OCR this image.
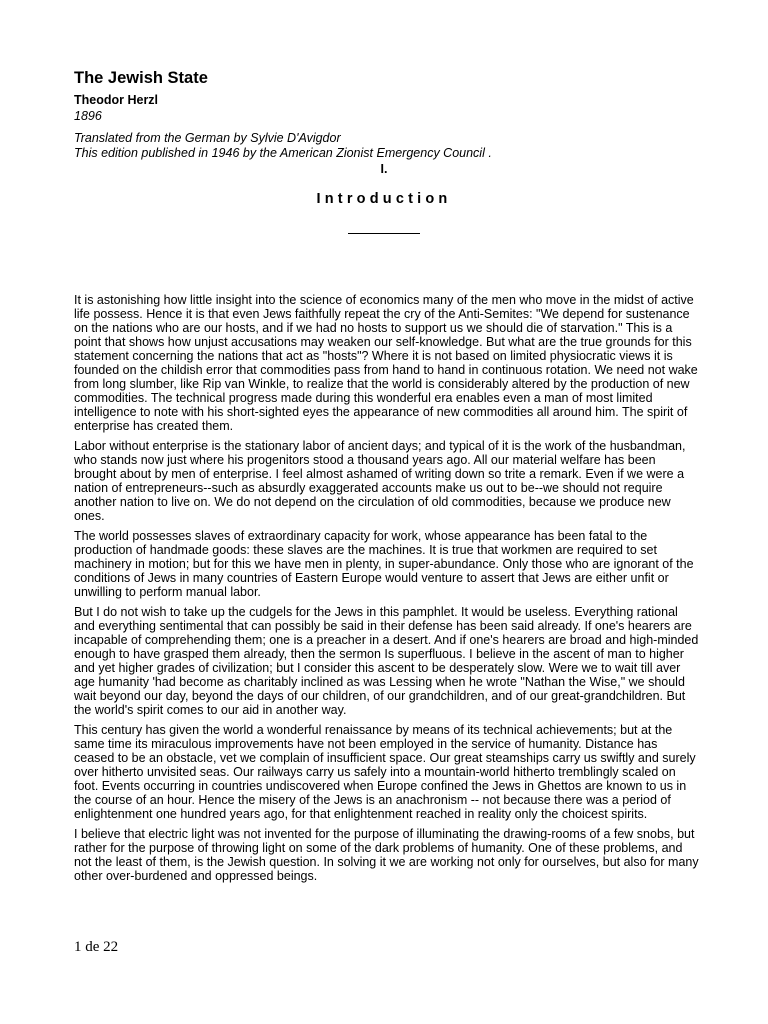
The Jewish State
Theodor Herzl
1896
Translated from the German by Sylvie D'Avigdor
This edition published in 1946 by the American Zionist Emergency Council .
I.
Introduction

It is astonishing how little insight into the science of economics many of the men who move in the midst of active life possess. Hence it is that even Jews faithfully repeat the cry of the Anti-Semites: "We depend for sustenance on the nations who are our hosts, and if we had no hosts to support us we should die of starvation." This is a point that shows how unjust accusations may weaken our self-knowledge. But what are the true grounds for this statement concerning the nations that act as "hosts"? Where it is not based on limited physiocratic views it is founded on the childish error that commodities pass from hand to hand in continuous rotation. We need not wake from long slumber, like Rip van Winkle, to realize that the world is considerably altered by the production of new commodities. The technical progress made during this wonderful era enables even a man of most limited intelligence to note with his short-sighted eyes the appearance of new commodities all around him. The spirit of enterprise has created them.

Labor without enterprise is the stationary labor of ancient days; and typical of it is the work of the husbandman, who stands now just where his progenitors stood a thousand years ago. All our material welfare has been brought about by men of enterprise. I feel almost ashamed of writing down so trite a remark. Even if we were a nation of entrepreneurs--such as absurdly exaggerated accounts make us out to be--we should not require another nation to live on. We do not depend on the circulation of old commodities, because we produce new ones.

The world possesses slaves of extraordinary capacity for work, whose appearance has been fatal to the production of handmade goods: these slaves are the machines. It is true that workmen are required to set machinery in motion; but for this we have men in plenty, in super-abundance. Only those who are ignorant of the conditions of Jews in many countries of Eastern Europe would venture to assert that Jews are either unfit or unwilling to perform manual labor.

But I do not wish to take up the cudgels for the Jews in this pamphlet. It would be useless. Everything rational and everything sentimental that can possibly be said in their defense has been said already. If one's hearers are incapable of comprehending them; one is a preacher in a desert. And if one's hearers are broad and high-minded enough to have grasped them already, then the sermon Is superfluous. I believe in the ascent of man to higher and yet higher grades of civilization; but I consider this ascent to be desperately slow. Were we to wait till aver age humanity 'had become as charitably inclined as was Lessing when he wrote "Nathan the Wise," we should wait beyond our day, beyond the days of our children, of our grandchildren, and of our great-grandchildren. But the world's spirit comes to our aid in another way.

This century has given the world a wonderful renaissance by means of its technical achievements; but at the same time its miraculous improvements have not been employed in the service of humanity. Distance has ceased to be an obstacle, vet we complain of insufficient space. Our great steamships carry us swiftly and surely over hitherto unvisited seas. Our railways carry us safely into a mountain-world hitherto tremblingly scaled on foot. Events occurring in countries undiscovered when Europe confined the Jews in Ghettos are known to us in the course of an hour. Hence the misery of the Jews is an anachronism -- not because there was a period of enlightenment one hundred years ago, for that enlightenment reached in reality only the choicest spirits.

I believe that electric light was not invented for the purpose of illuminating the drawing-rooms of a few snobs, but rather for the purpose of throwing light on some of the dark problems of humanity. One of these problems, and not the least of them, is the Jewish question. In solving it we are working not only for ourselves, but also for many other over-burdened and oppressed beings.

1 de 22
